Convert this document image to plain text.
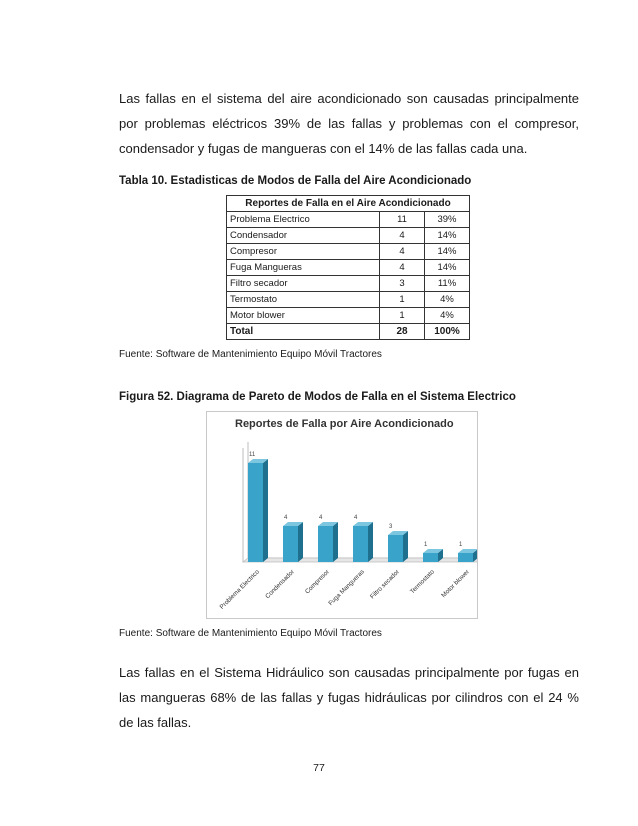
Las fallas en el sistema del aire acondicionado son causadas principalmente por problemas eléctricos 39% de las fallas y problemas con el compresor, condensador y fugas de mangueras con el 14% de las fallas cada una.

Tabla 10. Estadisticas de Modos de Falla del Aire Acondicionado

Reportes de Falla en el Aire Acondicionado		
Problema Electrico	11	39%
Condensador	4	14%
Compresor	4	14%
Fuga Mangueras	4	14%
Filtro secador	3	11%
Termostato	1	4%
Motor blower	1	4%
Total	28	100%

Fuente: Software de Mantenimiento Equipo Móvil Tractores

Figura 52. Diagrama de Pareto de Modos de Falla en el Sistema Electrico

Reportes de Falla por Aire Acondicionado
11
4	4	4
3
1	1
Problema Electrico Condensador Compresor
Fuga Mangueras Filtro secador Termostato Motor blower

Fuente: Software de Mantenimiento Equipo Móvil Tractores

Las fallas en el Sistema Hidráulico son causadas principalmente por fugas en las mangueras 68% de las fallas y fugas hidráulicas por cilindros con el 24 % de las fallas.

77
